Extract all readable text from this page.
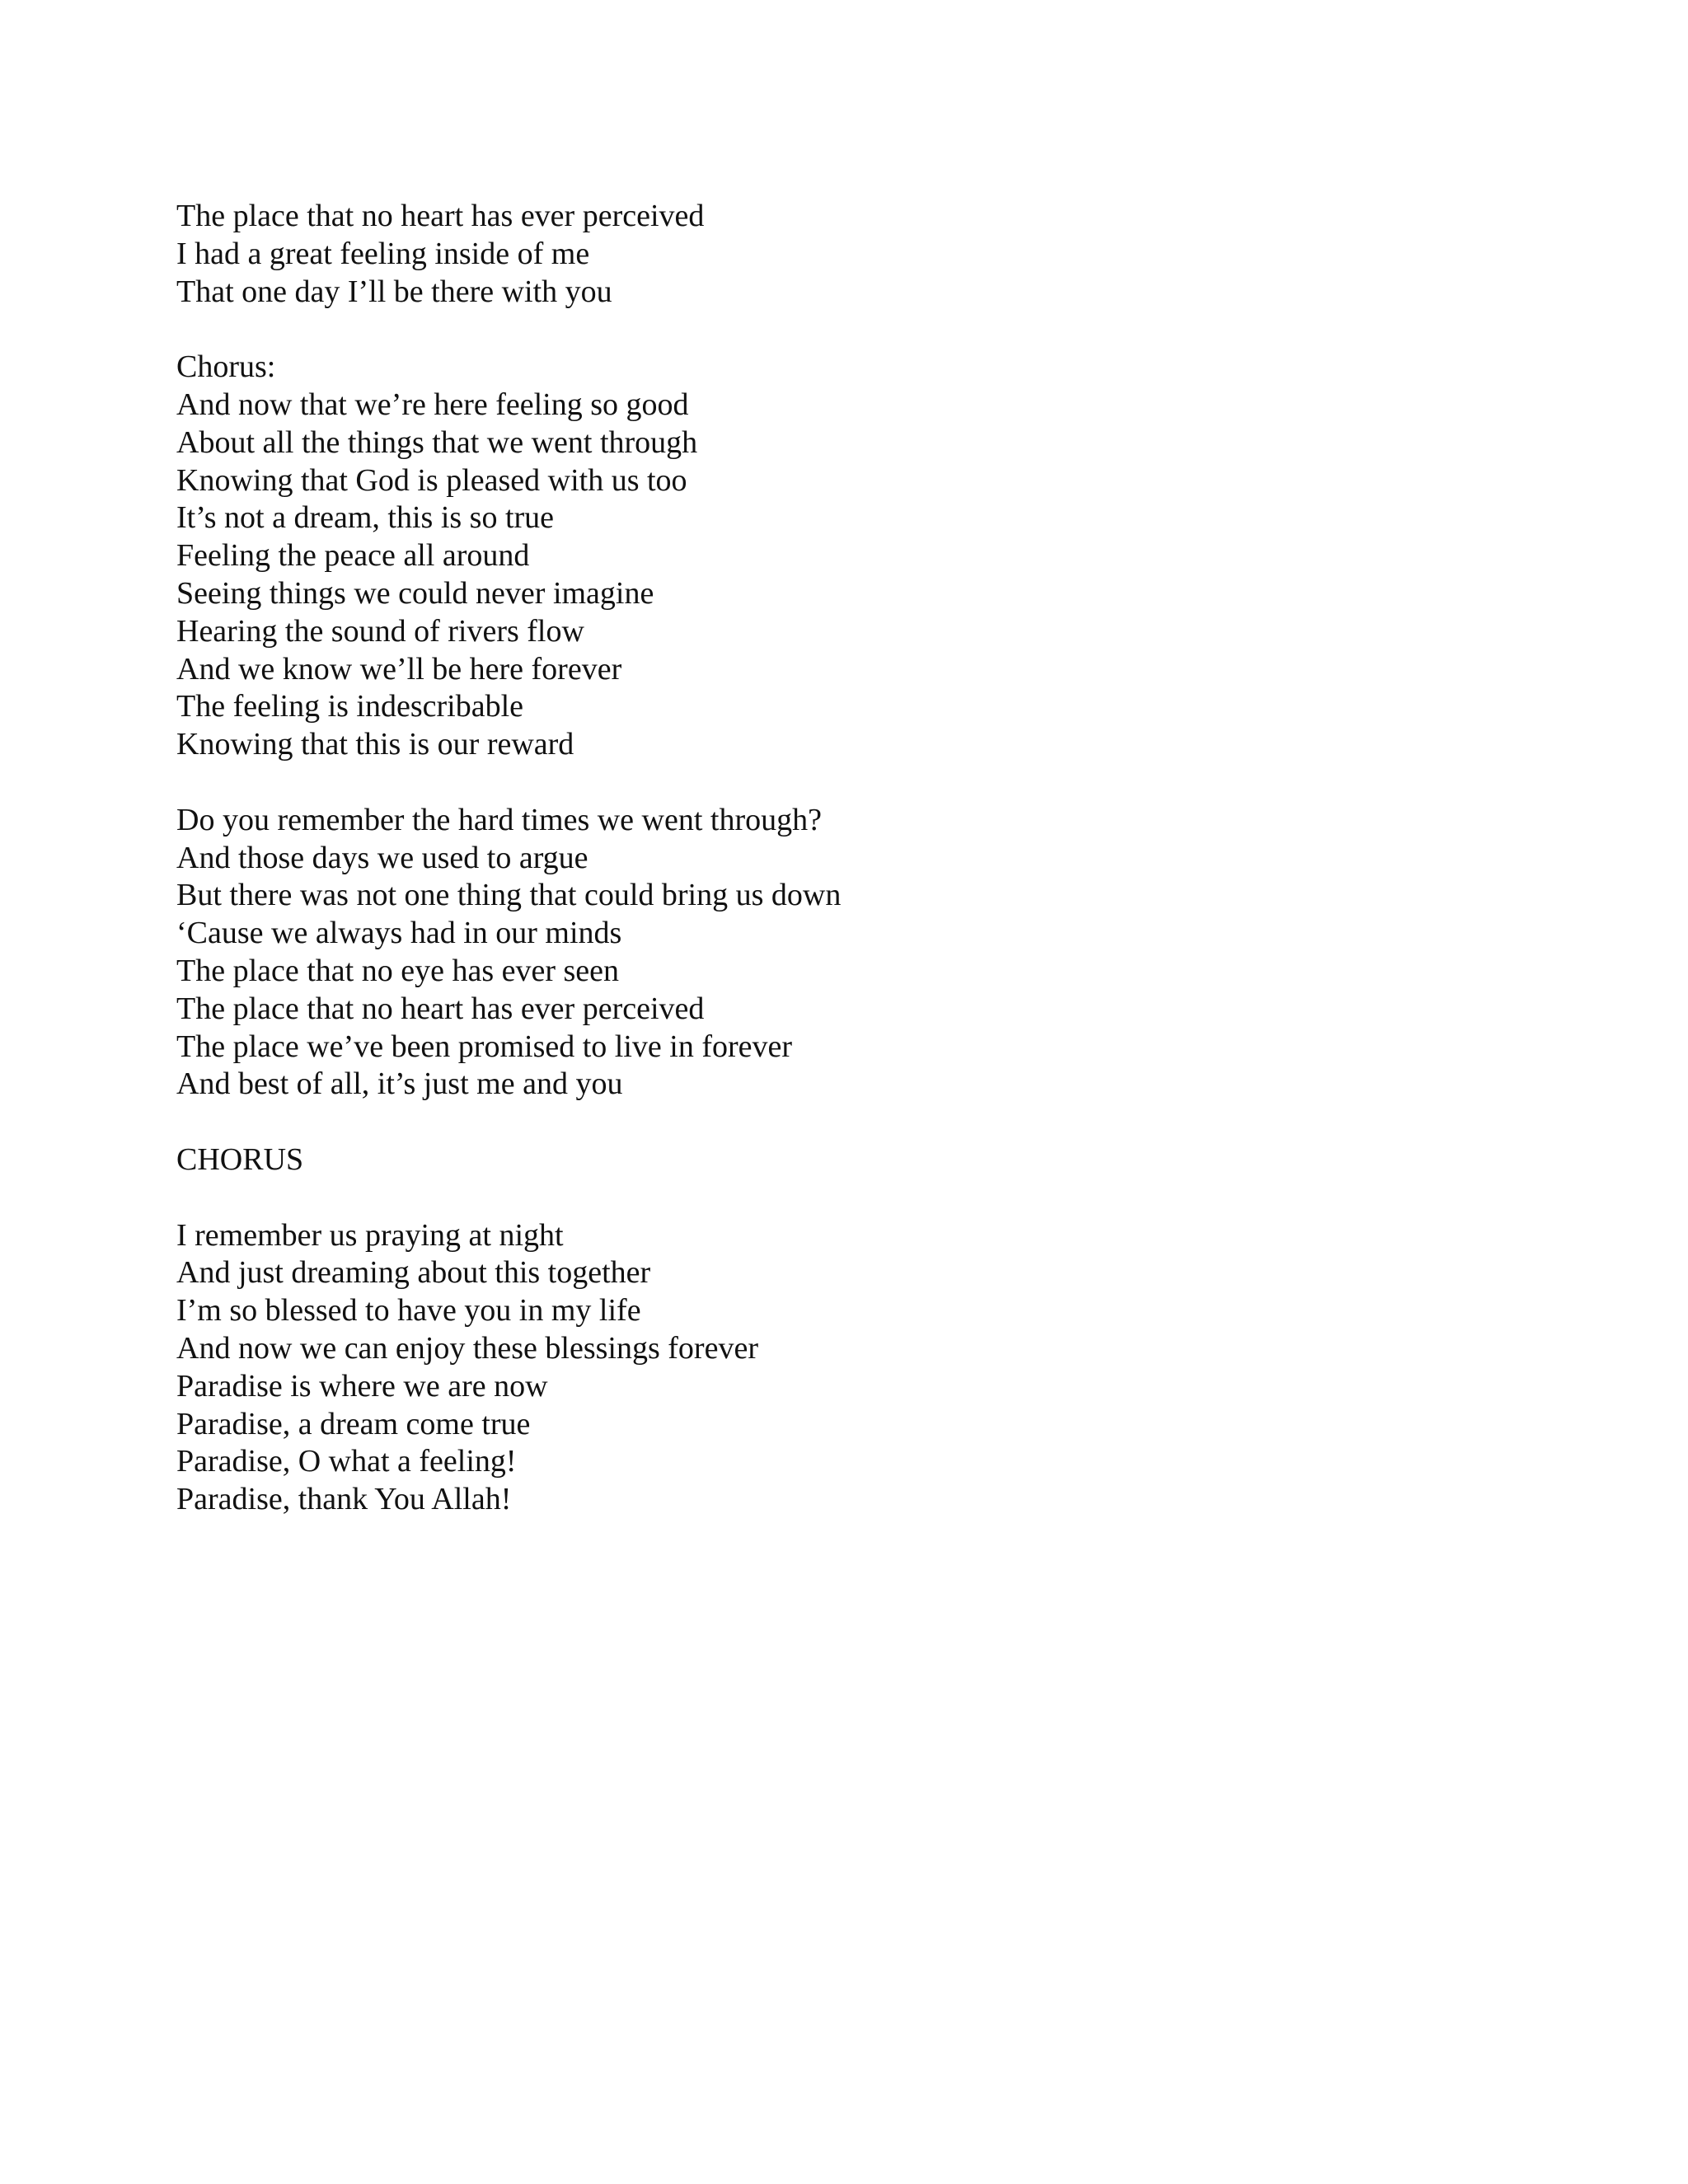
The place that no heart has ever perceived
I had a great feeling inside of me
That one day I’ll be there with you
Chorus:
And now that we’re here feeling so good
About all the things that we went through
Knowing that God is pleased with us too
It’s not a dream, this is so true
Feeling the peace all around
Seeing things we could never imagine
Hearing the sound of rivers flow
And we know we’ll be here forever
The feeling is indescribable
Knowing that this is our reward
Do you remember the hard times we went through?
And those days we used to argue
But there was not one thing that could bring us down
‘Cause we always had in our minds
The place that no eye has ever seen
The place that no heart has ever perceived
The place we’ve been promised to live in forever
And best of all, it’s just me and you
CHORUS
I remember us praying at night
And just dreaming about this together
I’m so blessed to have you in my life
And now we can enjoy these blessings forever
Paradise is where we are now
Paradise, a dream come true
Paradise, O what a feeling!
Paradise, thank You Allah!
